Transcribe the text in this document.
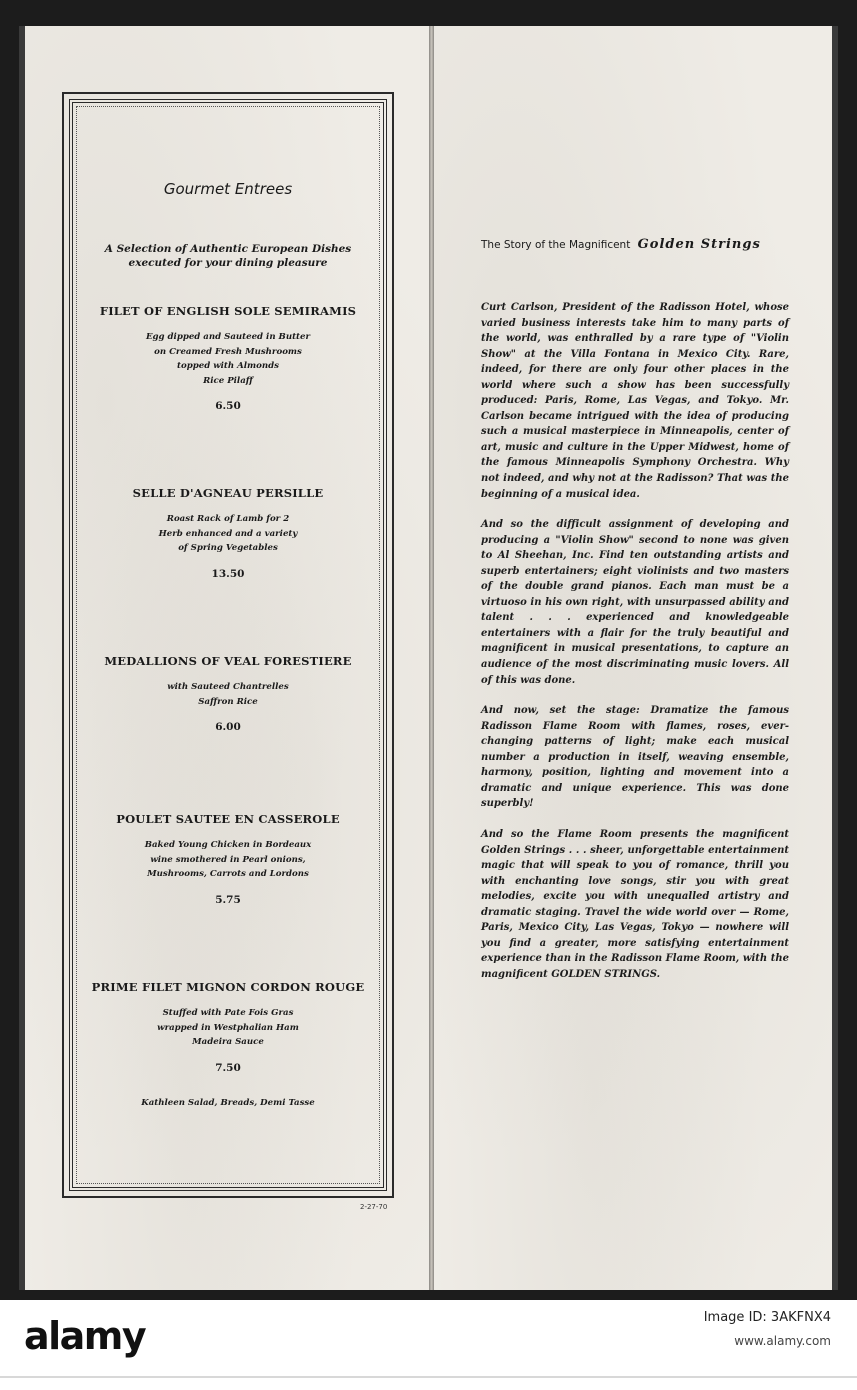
Gourmet Entrees
A Selection of Authentic European Dishes
executed for your dining pleasure
FILET OF ENGLISH SOLE SEMIRAMIS
Egg dipped and Sauteed in Butter
on Creamed Fresh Mushrooms
topped with Almonds
Rice Pilaff
6.50
SELLE D'AGNEAU PERSILLE
Roast Rack of Lamb for 2
Herb enhanced and a variety
of Spring Vegetables
13.50
MEDALLIONS OF VEAL FORESTIERE
with Sauteed Chantrelles
Saffron Rice
6.00
POULET SAUTEE EN CASSEROLE
Baked Young Chicken in Bordeaux
wine smothered in Pearl onions,
Mushrooms, Carrots and Lordons
5.75
PRIME FILET MIGNON CORDON ROUGE
Stuffed with Pate Fois Gras
wrapped in Westphalian Ham
Madeira Sauce
7.50
Kathleen Salad, Breads, Demi Tasse
2-27-70
The Story of the Magnificent Golden Strings

Curt Carlson, President of the Radisson Hotel, whose varied business interests take him to many parts of the world, was enthralled by a rare type of "Violin Show" at the Villa Fontana in Mexico City. Rare, indeed, for there are only four other places in the world where such a show has been successfully produced: Paris, Rome, Las Vegas, and Tokyo. Mr. Carlson became intrigued with the idea of producing such a musical masterpiece in Minneapolis, center of art, music and culture in the Upper Midwest, home of the famous Minneapolis Symphony Orchestra. Why not indeed, and why not at the Radisson? That was the beginning of a musical idea.

And so the difficult assignment of developing and producing a "Violin Show" second to none was given to Al Sheehan, Inc. Find ten outstanding artists and superb entertainers; eight violinists and two masters of the double grand pianos. Each man must be a virtuoso in his own right, with unsurpassed ability and talent . . . experienced and knowledgeable entertainers with a flair for the truly beautiful and magnificent in musical presentations, to capture an audience of the most discriminating music lovers. All of this was done.

And now, set the stage: Dramatize the famous Radisson Flame Room with flames, roses, ever-changing patterns of light; make each musical number a production in itself, weaving ensemble, harmony, position, lighting and movement into a dramatic and unique experience. This was done superbly!

And so the Flame Room presents the magnificent Golden Strings . . . sheer, unforgettable entertainment magic that will speak to you of romance, thrill you with enchanting love songs, stir you with great melodies, excite you with unequalled artistry and dramatic staging. Travel the wide world over — Rome, Paris, Mexico City, Las Vegas, Tokyo — nowhere will you find a greater, more satisfying entertainment experience than in the Radisson Flame Room, with the magnificent GOLDEN STRINGS.

alamy	Image ID: 3AKFNX4
www.alamy.com
